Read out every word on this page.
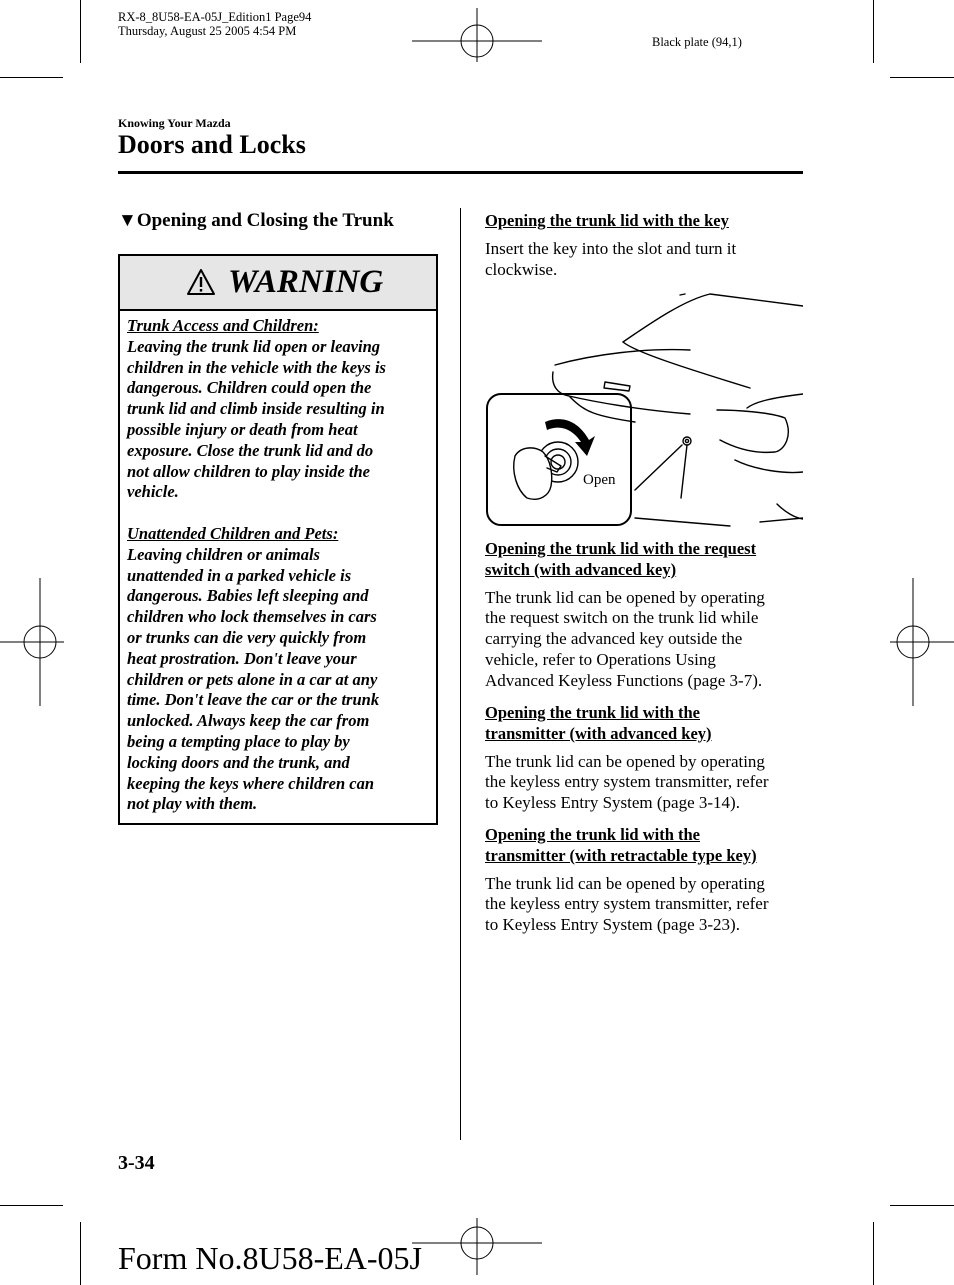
RX-8_8U58-EA-05J_Edition1 Page94
Thursday, August 25 2005 4:54 PM
Black plate (94,1)
Knowing Your Mazda
Doors and Locks
▼Opening and Closing the Trunk
WARNING

Trunk Access and Children:

Leaving the trunk lid open or leaving

children in the vehicle with the keys is

dangerous. Children could open the

trunk lid and climb inside resulting in

possible injury or death from heat

exposure. Close the trunk lid and do

not allow children to play inside the

vehicle.

Unattended Children and Pets:

Leaving children or animals

unattended in a parked vehicle is

dangerous. Babies left sleeping and

children who lock themselves in cars

or trunks can die very quickly from

heat prostration. Don't leave your

children or pets alone in a car at any

time. Don't leave the car or the trunk

unlocked. Always keep the car from

being a tempting place to play by

locking doors and the trunk, and

keeping the keys where children can

not play with them.

Opening the trunk lid with the key
Insert the key into the slot and turn it
clockwise.
Open
Opening the trunk lid with the request
switch (with advanced key)
The trunk lid can be opened by operating
the request switch on the trunk lid while
carrying the advanced key outside the
vehicle, refer to Operations Using
Advanced Keyless Functions (page 3-7).
Opening the trunk lid with the
transmitter (with advanced key)
The trunk lid can be opened by operating
the keyless entry system transmitter, refer
to Keyless Entry System (page 3-14).
Opening the trunk lid with the
transmitter (with retractable type key)
The trunk lid can be opened by operating
the keyless entry system transmitter, refer
to Keyless Entry System (page 3-23).
3-34
Form No.8U58-EA-05J
